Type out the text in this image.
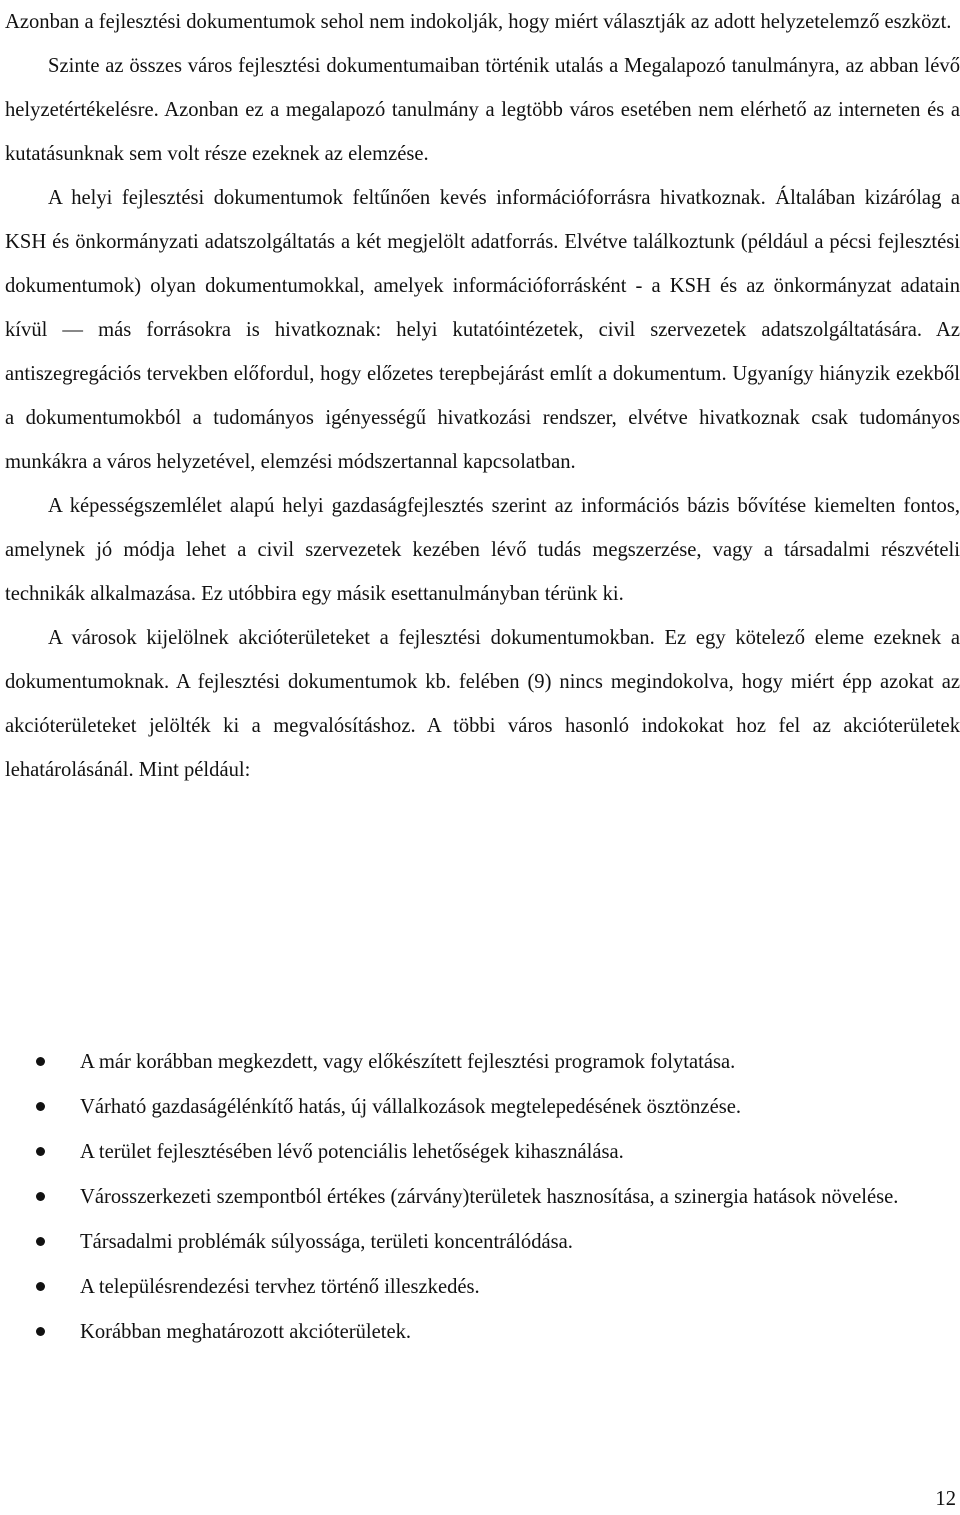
Azonban a fejlesztési dokumentumok sehol nem indokolják, hogy miért választják az adott helyzetelemző eszközt.

Szinte az összes város fejlesztési dokumentumaiban történik utalás a Megalapozó tanulmányra, az abban lévő helyzetértékelésre. Azonban ez a megalapozó tanulmány a legtöbb város esetében nem elérhető az interneten és a kutatásunknak sem volt része ezeknek az elemzése.

A helyi fejlesztési dokumentumok feltűnően kevés információforrásra hivatkoznak. Általában kizárólag a KSH és önkormányzati adatszolgáltatás a két megjelölt adatforrás. Elvétve találkoztunk (például a pécsi fejlesztési dokumentumok) olyan dokumentumokkal, amelyek információforrásként - a KSH és az önkormányzat adatain kívül — más forrásokra is hivatkoznak: helyi kutatóintézetek, civil szervezetek adatszolgáltatására. Az antiszegregációs tervekben előfordul, hogy előzetes terepbejárást említ a dokumentum. Ugyanígy hiányzik ezekből a dokumentumokból a tudományos igényességű hivatkozási rendszer, elvétve hivatkoznak csak tudományos munkákra a város helyzetével, elemzési módszertannal kapcsolatban.

A képességszemlélet alapú helyi gazdaságfejlesztés szerint az információs bázis bővítése kiemelten fontos, amelynek jó módja lehet a civil szervezetek kezében lévő tudás megszerzése, vagy a társadalmi részvételi technikák alkalmazása. Ez utóbbira egy másik esettanulmányban térünk ki.

A városok kijelölnek akcióterületeket a fejlesztési dokumentumokban. Ez egy kötelező eleme ezeknek a dokumentumoknak. A fejlesztési dokumentumok kb. felében (9) nincs megindokolva, hogy miért épp azokat az akcióterületeket jelölték ki a megvalósításhoz. A többi város hasonló indokokat hoz fel az akcióterületek lehatárolásánál. Mint például:

A már korábban megkezdett, vagy előkészített fejlesztési programok folytatása.
Várható gazdaságélénkítő hatás, új vállalkozások megtelepedésének ösztönzése.
A terület fejlesztésében lévő potenciális lehetőségek kihasználása.
Városszerkezeti szempontból értékes (zárvány)területek hasznosítása, a szinergia hatások növelése.
Társadalmi problémák súlyossága, területi koncentrálódása.
A településrendezési tervhez történő illeszkedés.
Korábban meghatározott akcióterületek.
12
